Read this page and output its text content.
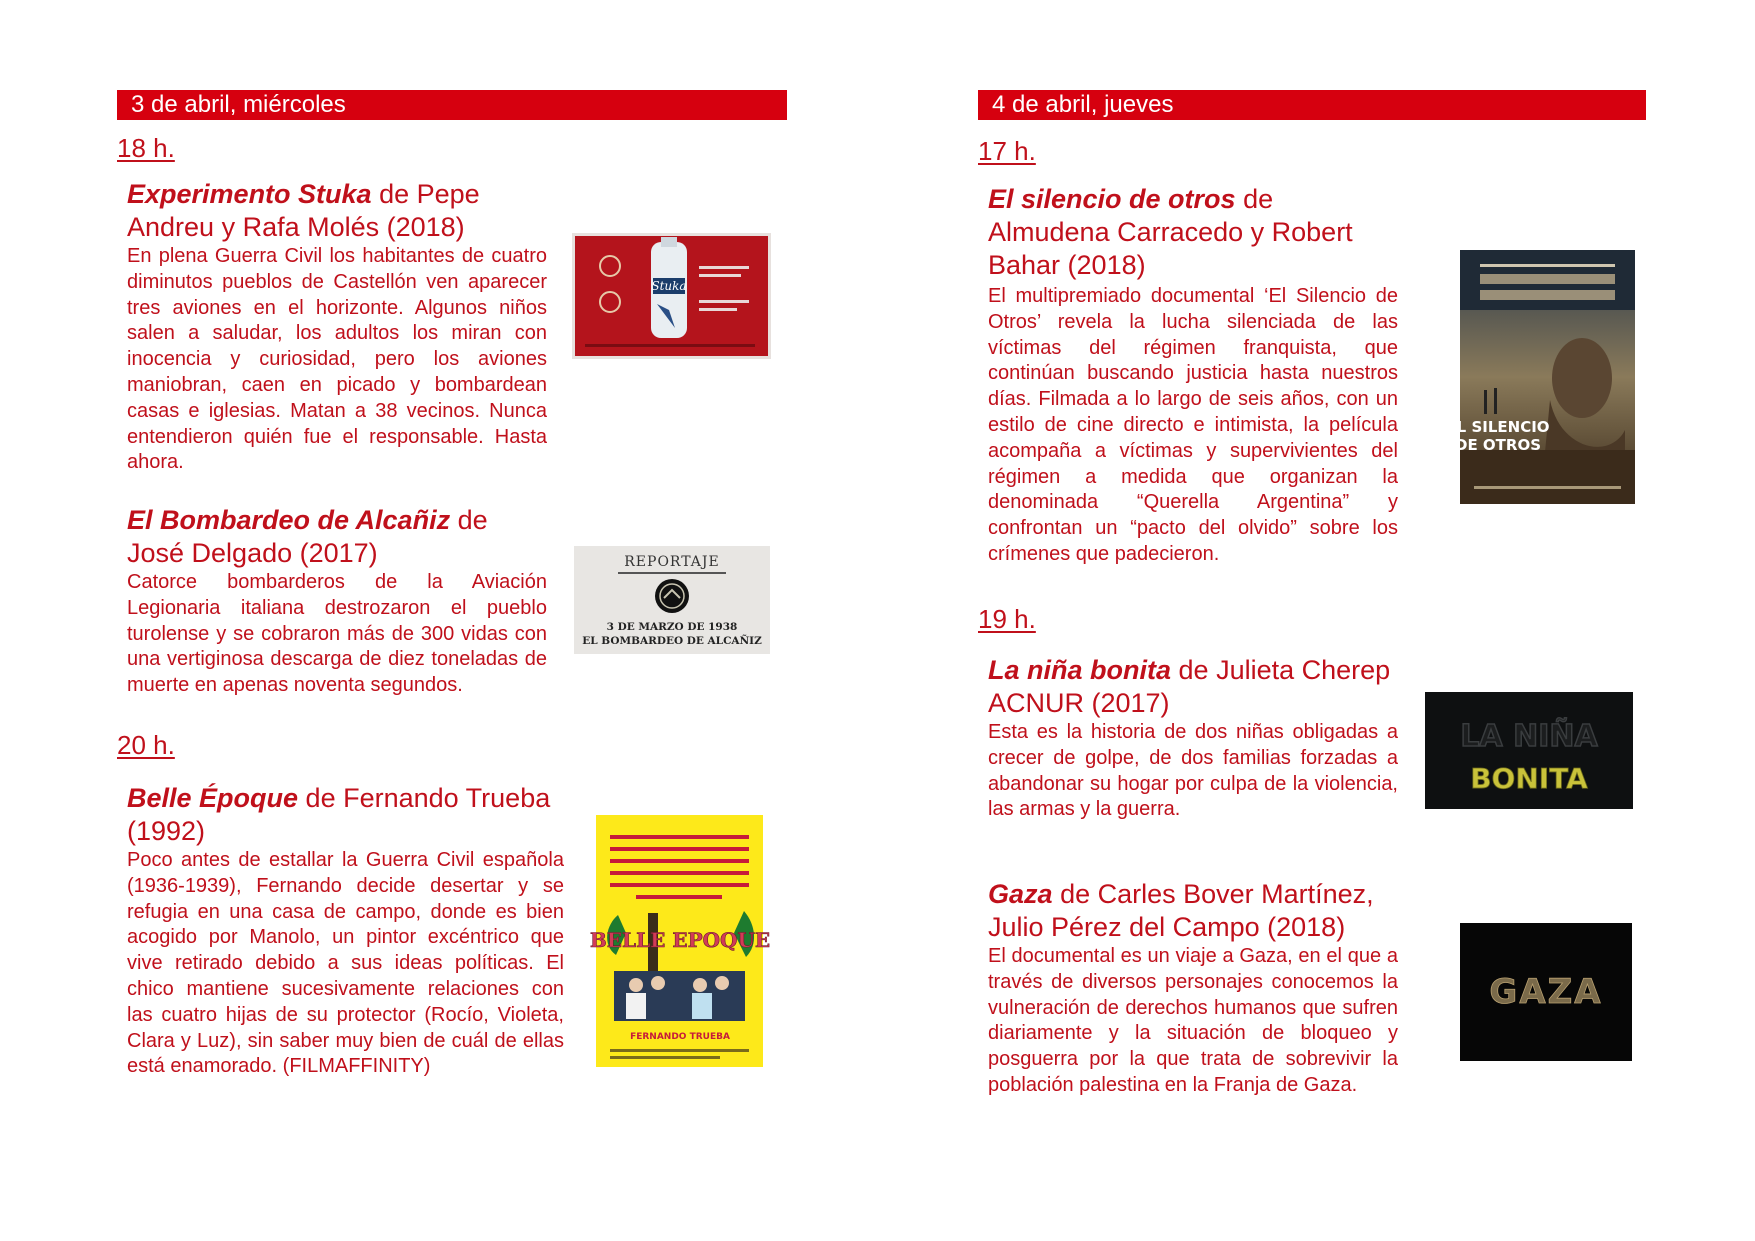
3 de abril, miércoles
18 h.
Experimento Stuka de Pepe Andreu y Rafa Molés (2018)
En plena Guerra Civil los habitantes de cuatro diminutos pueblos de Castellón ven aparecer tres aviones en el horizonte. Algunos niños salen a saludar, los adultos los miran con inocencia y curiosidad, pero los aviones maniobran, caen en picado y bombardean casas e iglesias. Matan a 38 vecinos. Nunca entendieron quién fue el responsable. Hasta ahora.
Stuka
El Bombardeo de Alcañiz de José Delgado (2017)
Catorce bombarderos de la Aviación Legionaria italiana destrozaron el pueblo turolense y se cobraron más de 300 vidas con una vertiginosa descarga de diez toneladas de muerte en apenas noventa segundos.
REPORTAJE
3 DE MARZO DE 1938
EL BOMBARDEO DE ALCAÑIZ
20 h.
Belle Époque de Fernando Trueba (1992)
Poco antes de estallar la Guerra Civil española (1936-1939), Fernando decide desertar y se refugia en una casa de campo, donde es bien acogido por Manolo, un pintor excéntrico que vive retirado debido a sus ideas políticas. El chico mantiene sucesivamente relaciones con las cuatro hijas de su protector (Rocío, Violeta, Clara y Luz), sin saber muy bien de cuál de ellas está enamorado. (FILMAFFINITY)
BELLE EPOQUE
FERNANDO TRUEBA
4 de abril, jueves
17 h.
El silencio de otros de Almudena Carracedo y Robert Bahar (2018)
El multipremiado documental ‘El Silencio de Otros’ revela la lucha silenciada de las víctimas del régimen franquista, que continúan buscando justicia hasta nuestros días. Filmada a lo largo de seis años, con un estilo de cine directo e intimista, la película acompaña a víctimas y supervivientes del régimen a medida que organizan la denominada “Querella Argentina” y confrontan un “pacto del olvido” sobre los crímenes que padecieron.
EL SILENCIO
DE OTROS
19 h.
La niña bonita de Julieta Cherep ACNUR (2017)
Esta es la historia de dos niñas obligadas a crecer de golpe, de dos familias forzadas a abandonar su hogar por culpa de la violencia, las armas y la guerra.
LA NIÑA
BONITA
Gaza de Carles Bover Martínez, Julio Pérez del Campo (2018)
El documental es un viaje a Gaza, en el que a través de diversos personajes conocemos la vulneración de derechos humanos que sufren diariamente y la situación de bloqueo y posguerra por la que trata de sobrevivir la población palestina en la Franja de Gaza.
GAZA
